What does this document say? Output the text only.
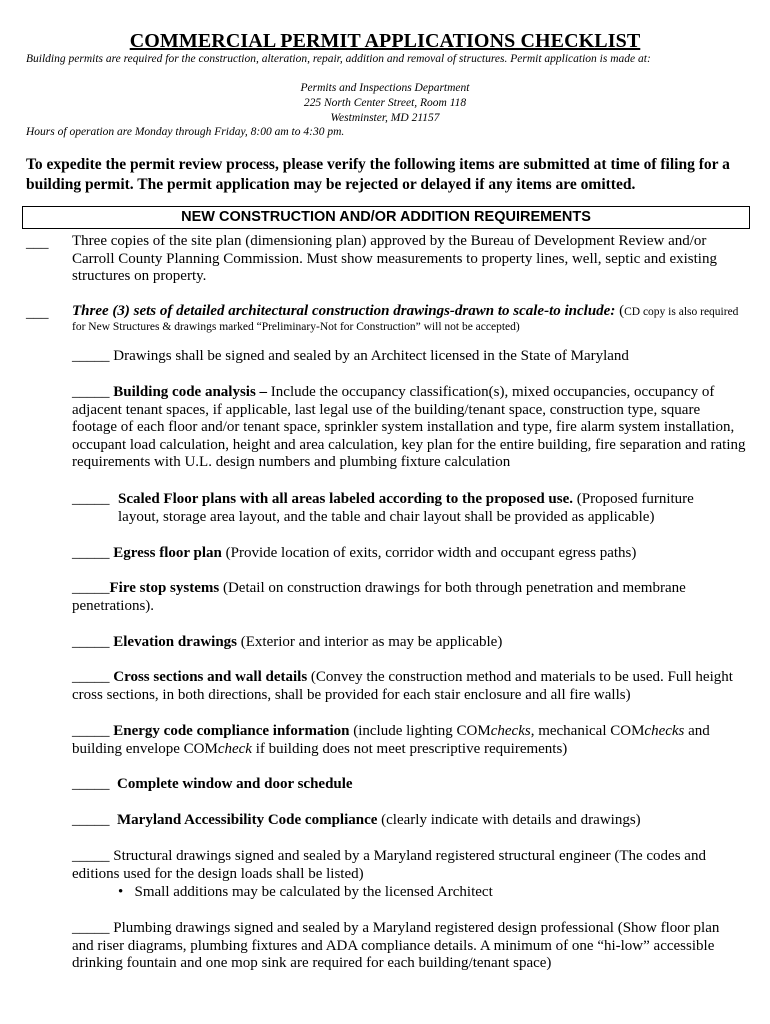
COMMERCIAL PERMIT APPLICATIONS CHECKLIST
Building permits are required for the construction, alteration, repair, addition and removal of structures. Permit application is made at:
Permits and Inspections Department
225 North Center Street, Room 118
Westminster, MD 21157
Hours of operation are Monday through Friday, 8:00 am to 4:30 pm.
To expedite the permit review process, please verify the following items are submitted at time of filing for a building permit. The permit application may be rejected or delayed if any items are omitted.
NEW CONSTRUCTION AND/OR ADDITION REQUIREMENTS
___ Three copies of the site plan (dimensioning plan) approved by the Bureau of Development Review and/or Carroll County Planning Commission. Must show measurements to property lines, well, septic and existing structures on property.
___ Three (3) sets of detailed architectural construction drawings-drawn to scale-to include: (CD copy is also required
for New Structures & drawings marked “Preliminary-Not for Construction” will not be accepted)
_____ Drawings shall be signed and sealed by an Architect licensed in the State of Maryland
_____ Building code analysis – Include the occupancy classification(s), mixed occupancies, occupancy of adjacent tenant spaces, if applicable, last legal use of the building/tenant space, construction type, square footage of each floor and/or tenant space, sprinkler system installation and type, fire alarm system installation, occupant load calculation, height and area calculation, key plan for the entire building, fire separation and rating requirements with U.L. design numbers and plumbing fixture calculation
_____ Scaled Floor plans with all areas labeled according to the proposed use. (Proposed furniture layout, storage area layout, and the table and chair layout shall be provided as applicable)
_____ Egress floor plan (Provide location of exits, corridor width and occupant egress paths)
_____Fire stop systems (Detail on construction drawings for both through penetration and membrane penetrations).
_____ Elevation drawings (Exterior and interior as may be applicable)
_____ Cross sections and wall details (Convey the construction method and materials to be used. Full height cross sections, in both directions, shall be provided for each stair enclosure and all fire walls)
_____ Energy code compliance information (include lighting COMchecks, mechanical COMchecks and building envelope COMcheck if building does not meet prescriptive requirements)
_____ Complete window and door schedule
_____ Maryland Accessibility Code compliance (clearly indicate with details and drawings)
_____ Structural drawings signed and sealed by a Maryland registered structural engineer (The codes and editions used for the design loads shall be listed)
• Small additions may be calculated by the licensed Architect
_____ Plumbing drawings signed and sealed by a Maryland registered design professional (Show floor plan and riser diagrams, plumbing fixtures and ADA compliance details. A minimum of one “hi-low” accessible drinking fountain and one mop sink are required for each building/tenant space)
